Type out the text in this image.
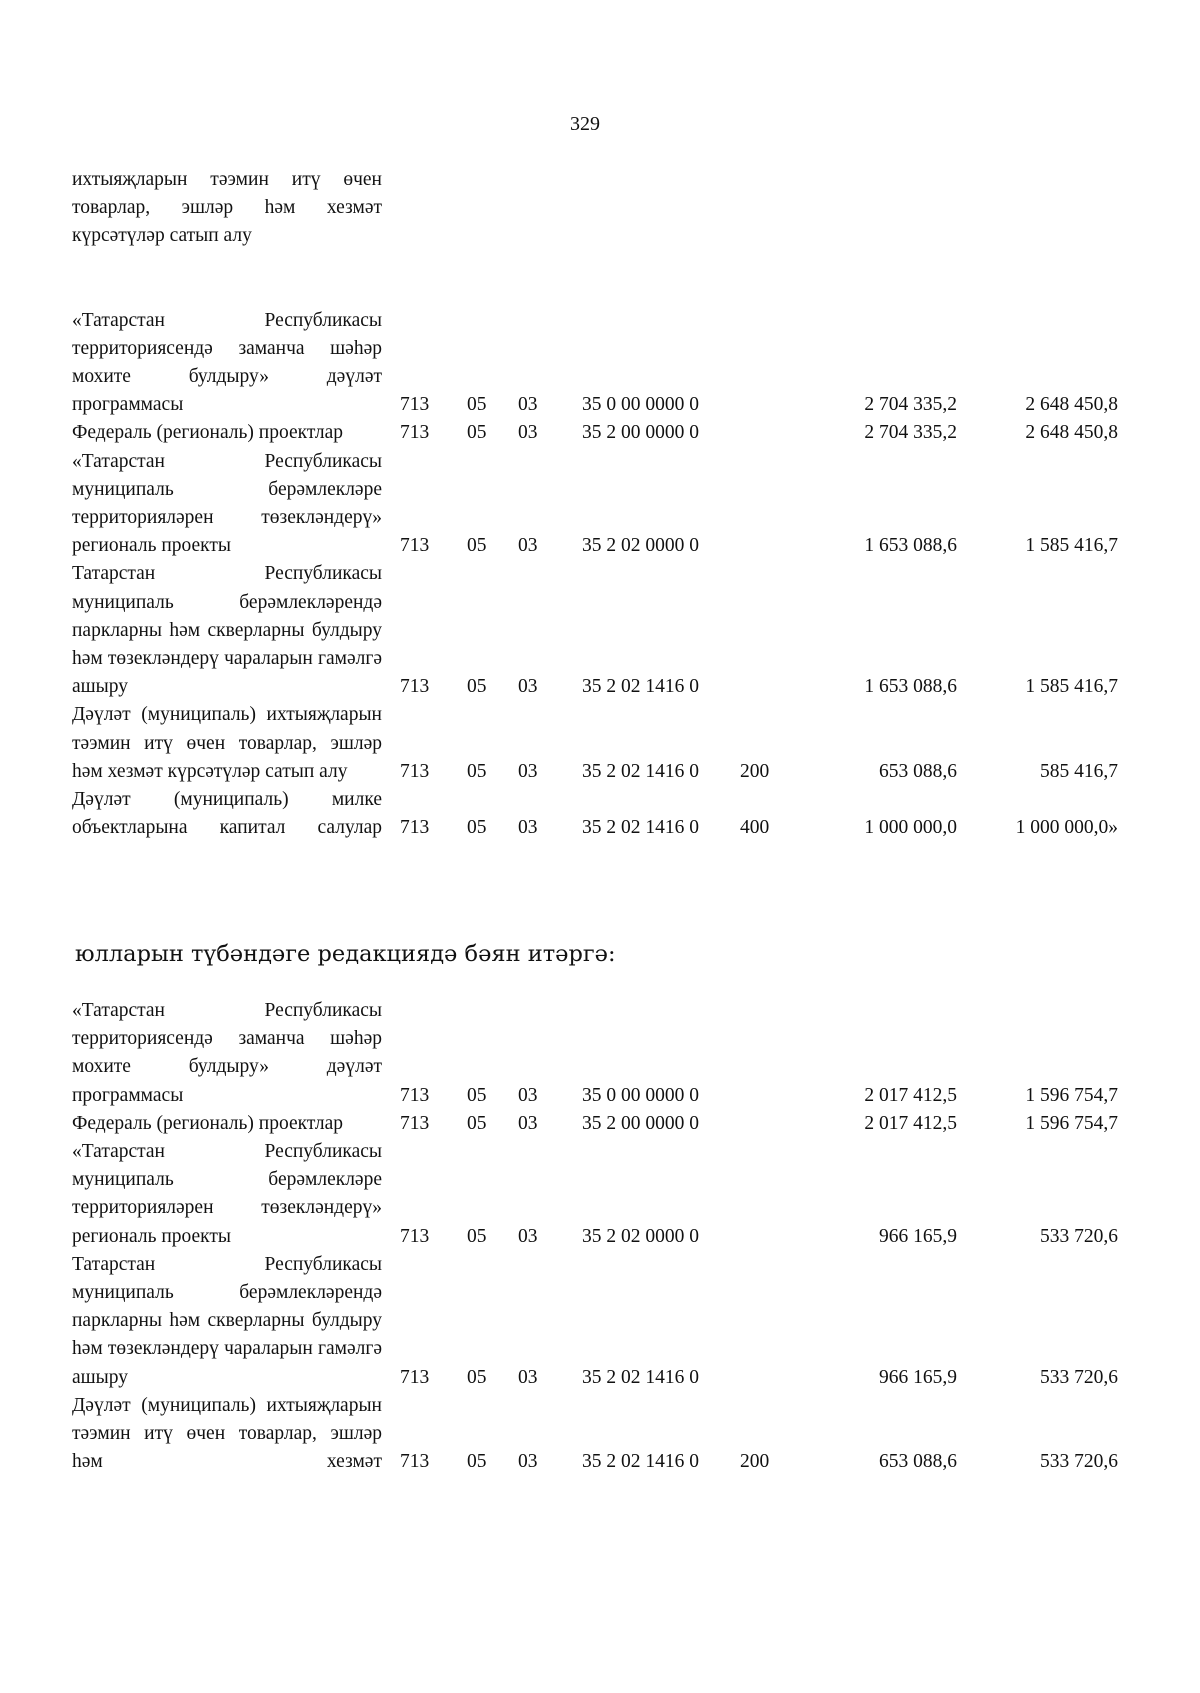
329
ихтыяҗларын тәэмин итү өчен товарлар, эшләр һәм хезмәт күрсәтүләр сатып алу
«Татарстан Республикасы территориясендә заманча шәһәр мохите булдыру» дәүләт программасы	713 05 03 35 0 00 0000 0	2 704 335,2	2 648 450,8
Федераль (региональ) проектлар	713 05 03 35 2 00 0000 0	2 704 335,2	2 648 450,8
«Татарстан Республикасы муниципаль берәмлекләре территорияләрен төзекләндерү» региональ проекты	713 05 03 35 2 02 0000 0	1 653 088,6	1 585 416,7
Татарстан Республикасы муниципаль берәмлекләрендә паркларны һәм скверларны булдыру һәм төзекләндерү чараларын гамәлгә ашыру	713 05 03 35 2 02 1416 0	1 653 088,6	1 585 416,7
Дәүләт (муниципаль) ихтыяҗларын тәэмин итү өчен товарлар, эшләр һәм хезмәт күрсәтүләр сатып алу	713 05 03 35 2 02 1416 0 200	653 088,6	585 416,7
Дәүләт (муниципаль) милке объектларына капитал салулар 713 05 03 35 2 02 1416 0 400	1 000 000,0	1 000 000,0»
юлларын түбәндәге редакциядә бәян итәргә:
«Татарстан Республикасы территориясендә заманча шәһәр мохите булдыру» дәүләт программасы	713 05 03 35 0 00 0000 0	2 017 412,5	1 596 754,7
Федераль (региональ) проектлар	713 05 03 35 2 00 0000 0	2 017 412,5	1 596 754,7
«Татарстан Республикасы муниципаль берәмлекләре территорияләрен төзекләндерү» региональ проекты	713 05 03 35 2 02 0000 0	966 165,9	533 720,6
Татарстан Республикасы муниципаль берәмлекләрендә паркларны һәм скверларны булдыру һәм төзекләндерү чараларын гамәлгә ашыру	713 05 03 35 2 02 1416 0	966 165,9	533 720,6
Дәүләт (муниципаль) ихтыяҗларын тәэмин итү өчен товарлар, эшләр һәм хезмәт 713 05 03 35 2 02 1416 0 200	653 088,6	533 720,6
